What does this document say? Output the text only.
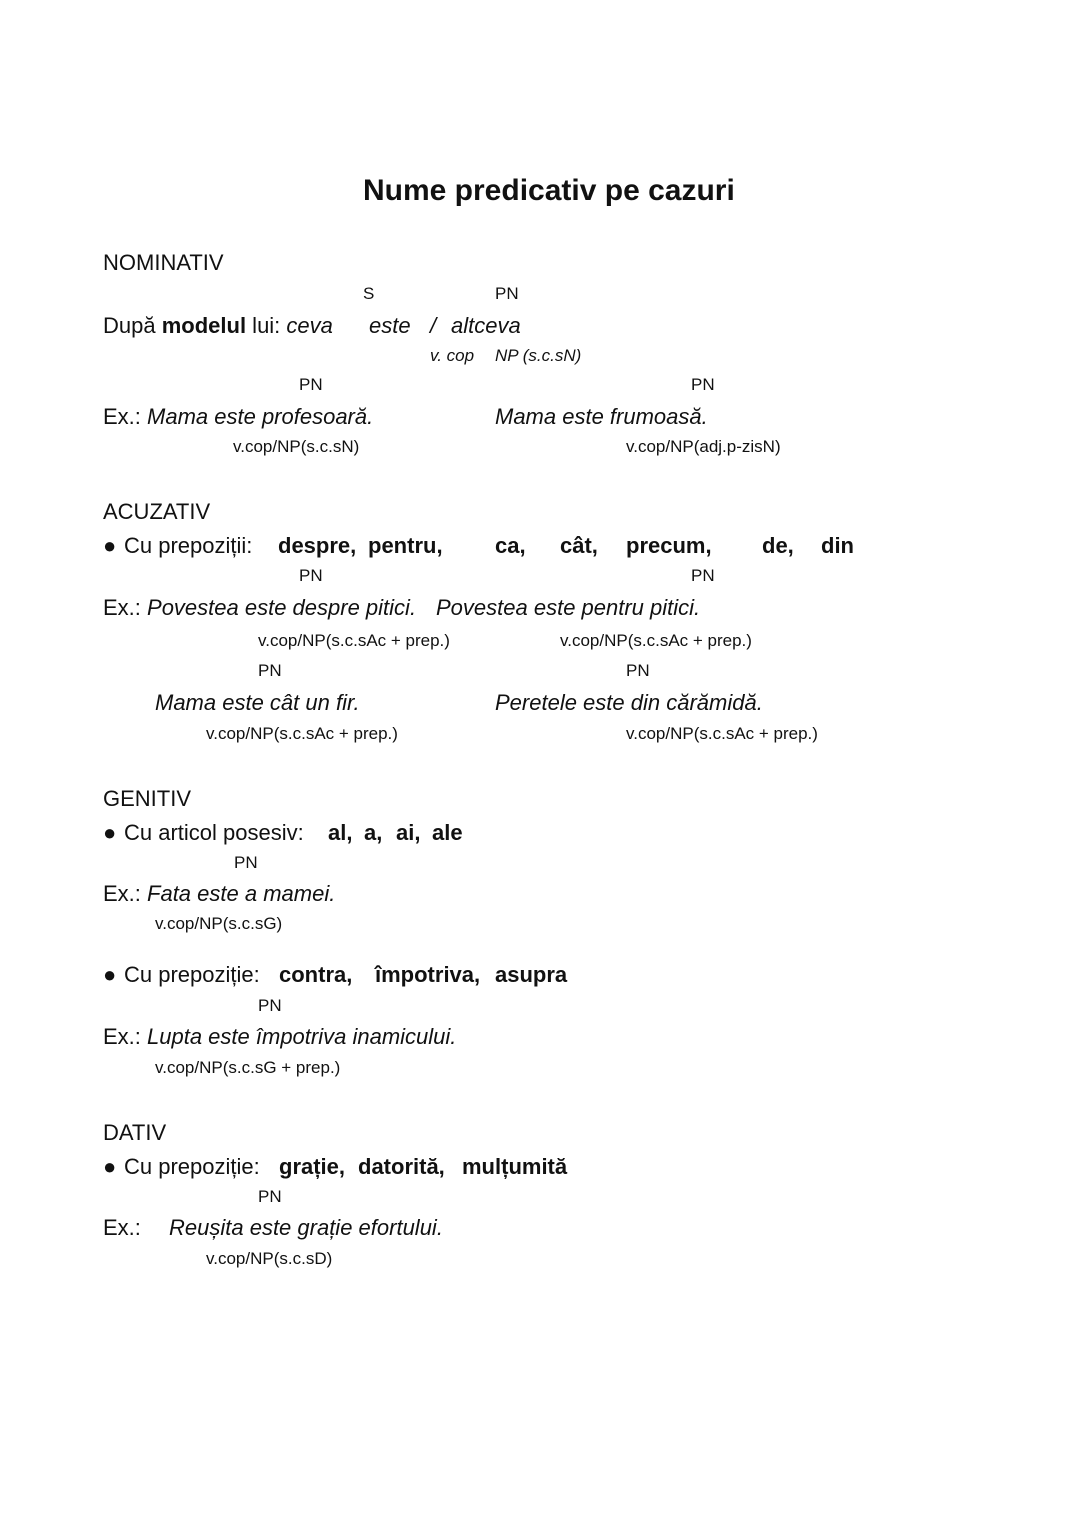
Nume predicativ pe cazuri
NOMINATIV
S	PN
După modelul lui: ceva este / altceva
v. cop NP (s.c.sN)
PN	PN
Ex.: Mama este profesoară.	Mama este frumoasă.
v.cop/NP(s.c.sN)	v.cop/NP(adj.p-zisN)
ACUZATIV
● Cu prepoziții: despre, pentru, ca, cât, precum, de, din
PN	PN
Ex.: Povestea este despre pitici. Povestea este pentru pitici.
v.cop/NP(s.c.sAc + prep.)	v.cop/NP(s.c.sAc + prep.)
PN	PN
Mama este cât un fir.	Peretele este din cărămidă.
v.cop/NP(s.c.sAc + prep.)	v.cop/NP(s.c.sAc + prep.)
GENITIV
● Cu articol posesiv: al, a, ai, ale
PN
Ex.: Fata este a mamei.
v.cop/NP(s.c.sG)
● Cu prepoziție: contra, împotriva, asupra
PN
Ex.: Lupta este împotriva inamicului.
v.cop/NP(s.c.sG + prep.)
DATIV
● Cu prepoziție: grație, datorită, mulțumită
PN
Ex.: Reușita este grație efortului.
v.cop/NP(s.c.sD)
